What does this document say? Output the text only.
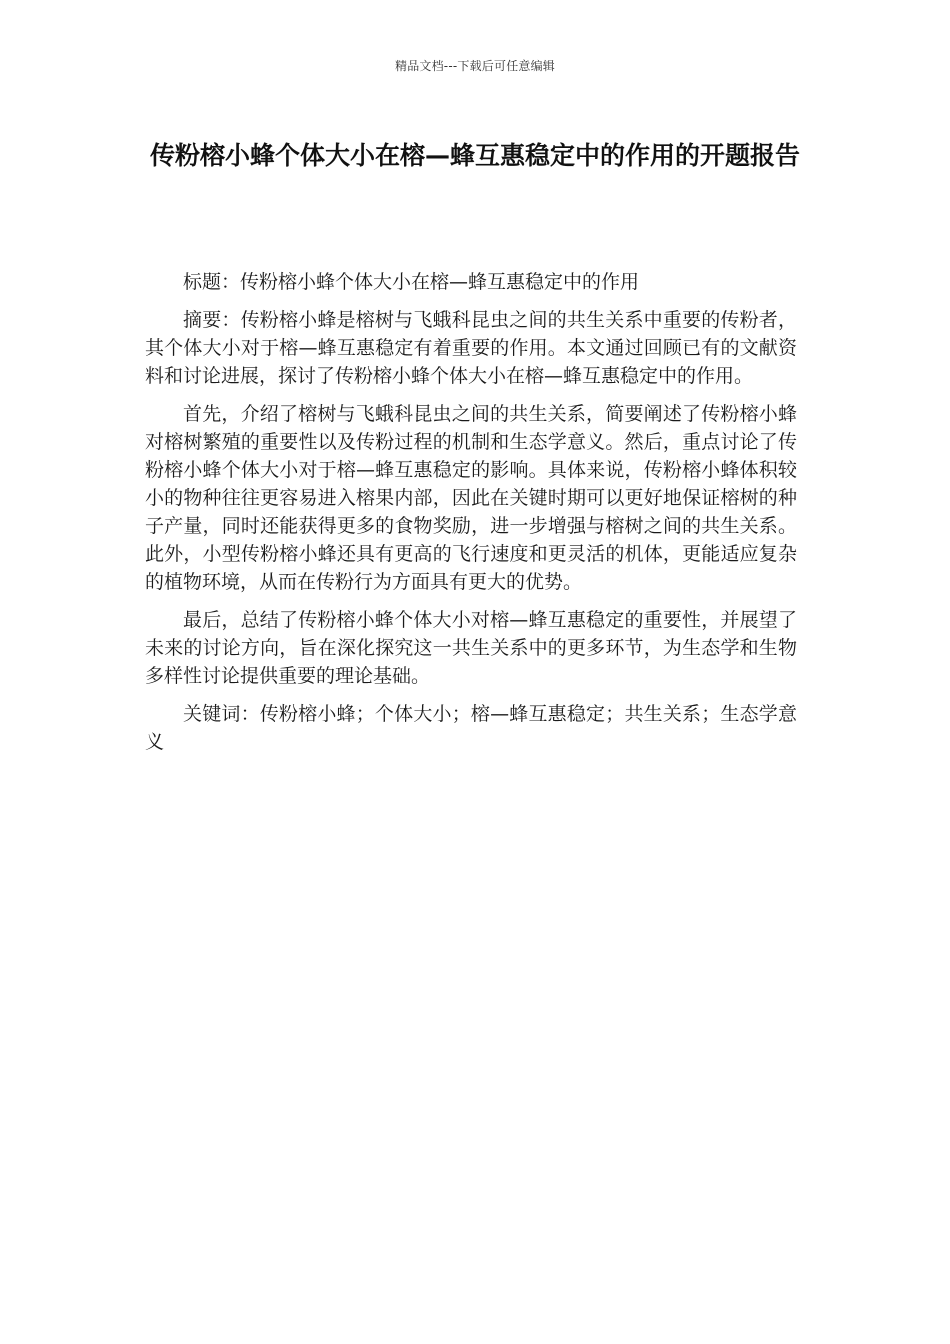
精品文档---下载后可任意编辑
传粉榕小蜂个体大小在榕—蜂互惠稳定中的作用的开题报告

标题：传粉榕小蜂个体大小在榕—蜂互惠稳定中的作用

摘要：传粉榕小蜂是榕树与飞蛾科昆虫之间的共生关系中重要的传粉者，其个体大小对于榕—蜂互惠稳定有着重要的作用。本文通过回顾已有的文献资料和讨论进展，探讨了传粉榕小蜂个体大小在榕—蜂互惠稳定中的作用。

首先，介绍了榕树与飞蛾科昆虫之间的共生关系，简要阐述了传粉榕小蜂对榕树繁殖的重要性以及传粉过程的机制和生态学意义。然后，重点讨论了传粉榕小蜂个体大小对于榕—蜂互惠稳定的影响。具体来说，传粉榕小蜂体积较小的物种往往更容易进入榕果内部，因此在关键时期可以更好地保证榕树的种子产量，同时还能获得更多的食物奖励，进一步增强与榕树之间的共生关系。此外，小型传粉榕小蜂还具有更高的飞行速度和更灵活的机体，更能适应复杂的植物环境，从而在传粉行为方面具有更大的优势。

最后，总结了传粉榕小蜂个体大小对榕—蜂互惠稳定的重要性，并展望了未来的讨论方向，旨在深化探究这一共生关系中的更多环节，为生态学和生物多样性讨论提供重要的理论基础。

关键词：传粉榕小蜂；个体大小；榕—蜂互惠稳定；共生关系；生态学意义
